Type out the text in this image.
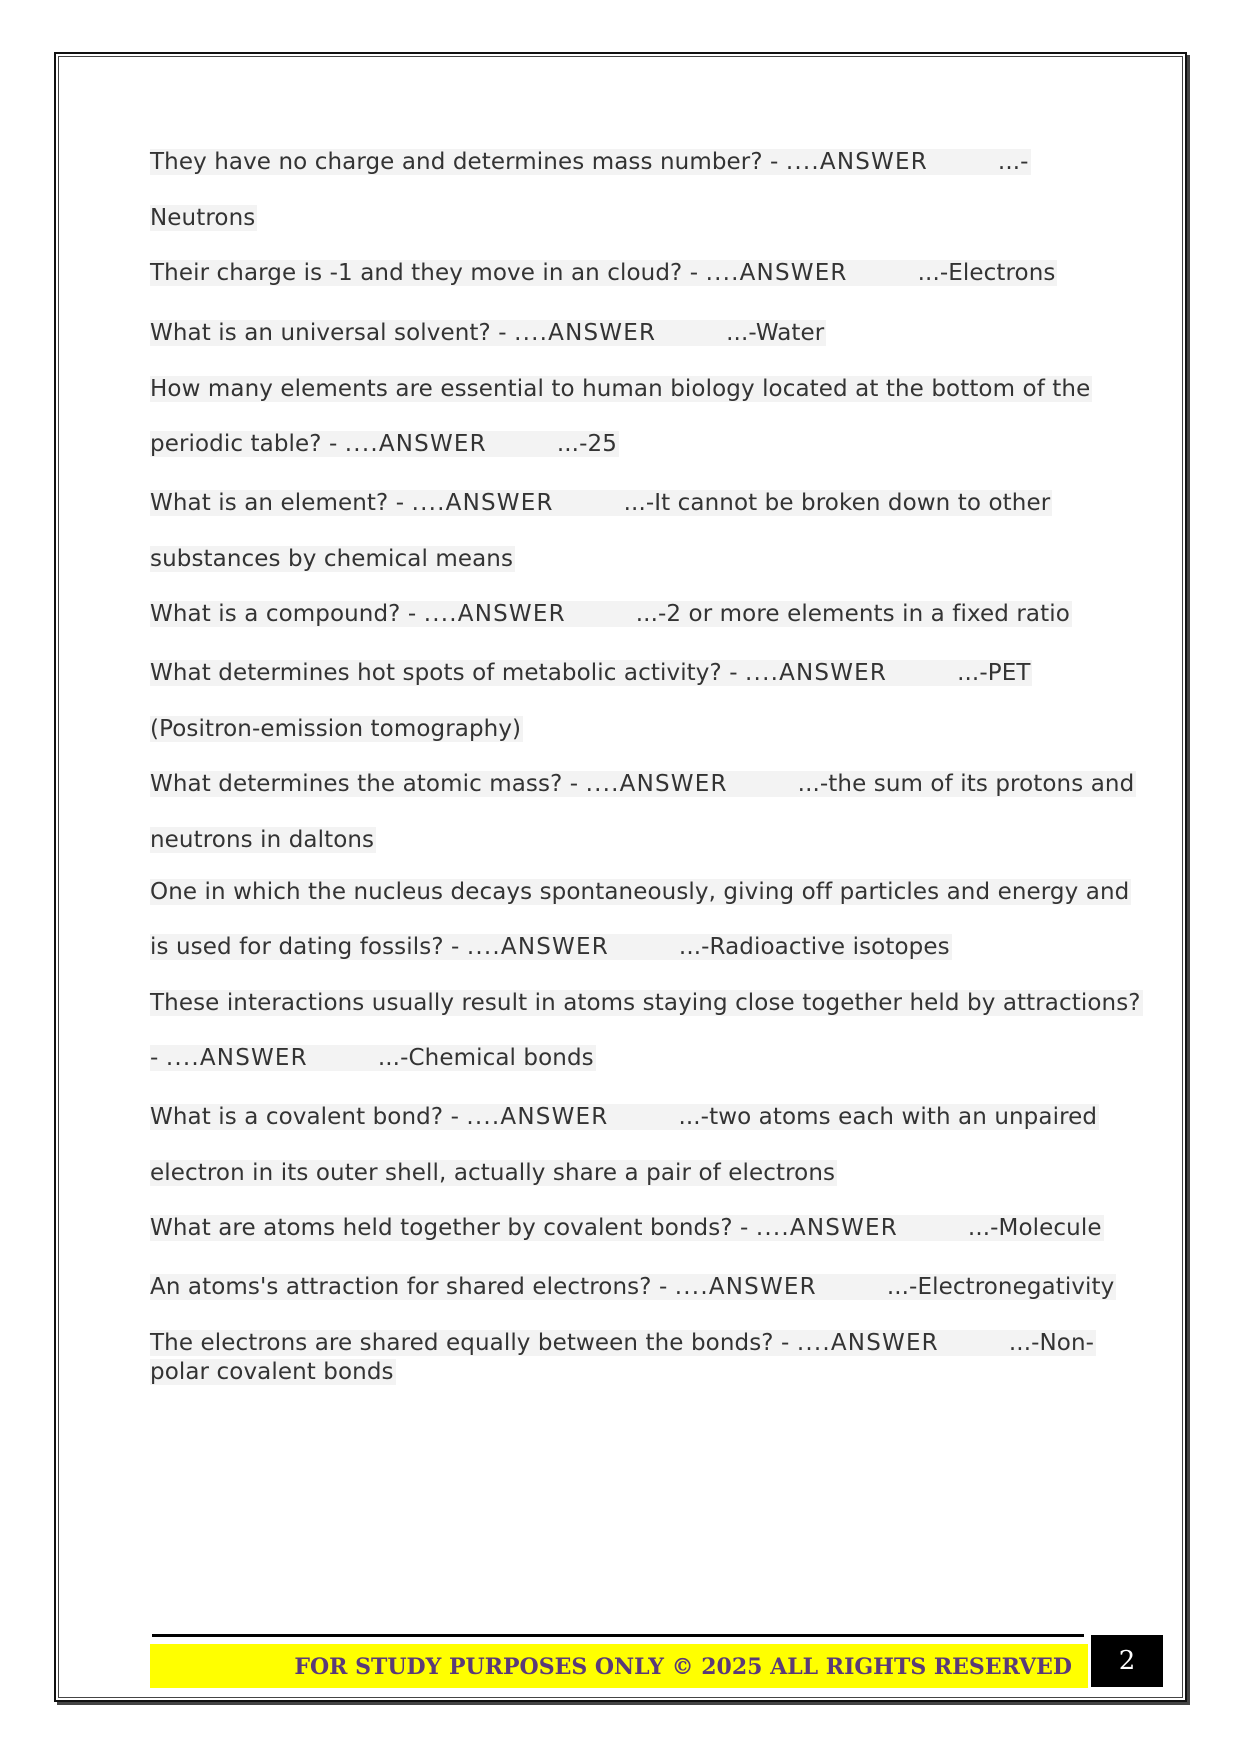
They have no charge and determines mass number? - ....ANSWER	...-
Neutrons
Their charge is -1 and they move in an cloud? - ....ANSWER	...-Electrons
What is an universal solvent? - ....ANSWER	...-Water
How many elements are essential to human biology located at the bottom of the
periodic table? - ....ANSWER	...-25
What is an element? - ....ANSWER	...-It cannot be broken down to other
substances by chemical means
What is a compound? - ....ANSWER	...-2 or more elements in a fixed ratio
What determines hot spots of metabolic activity? - ....ANSWER	...-PET
(Positron-emission tomography)
What determines the atomic mass? - ....ANSWER	...-the sum of its protons and
neutrons in daltons
One in which the nucleus decays spontaneously, giving off particles and energy and
is used for dating fossils? - ....ANSWER	...-Radioactive isotopes
These interactions usually result in atoms staying close together held by attractions?
- ....ANSWER	...-Chemical bonds
What is a covalent bond? - ....ANSWER	...-two atoms each with an unpaired
electron in its outer shell, actually share a pair of electrons
What are atoms held together by covalent bonds? - ....ANSWER	...-Molecule
An atoms's attraction for shared electrons? - ....ANSWER	...-Electronegativity
The electrons are shared equally between the bonds? - ....ANSWER	...-Non-
polar covalent bonds
FOR STUDY PURPOSES ONLY © 2025 ALL RIGHTS RESERVED	2
